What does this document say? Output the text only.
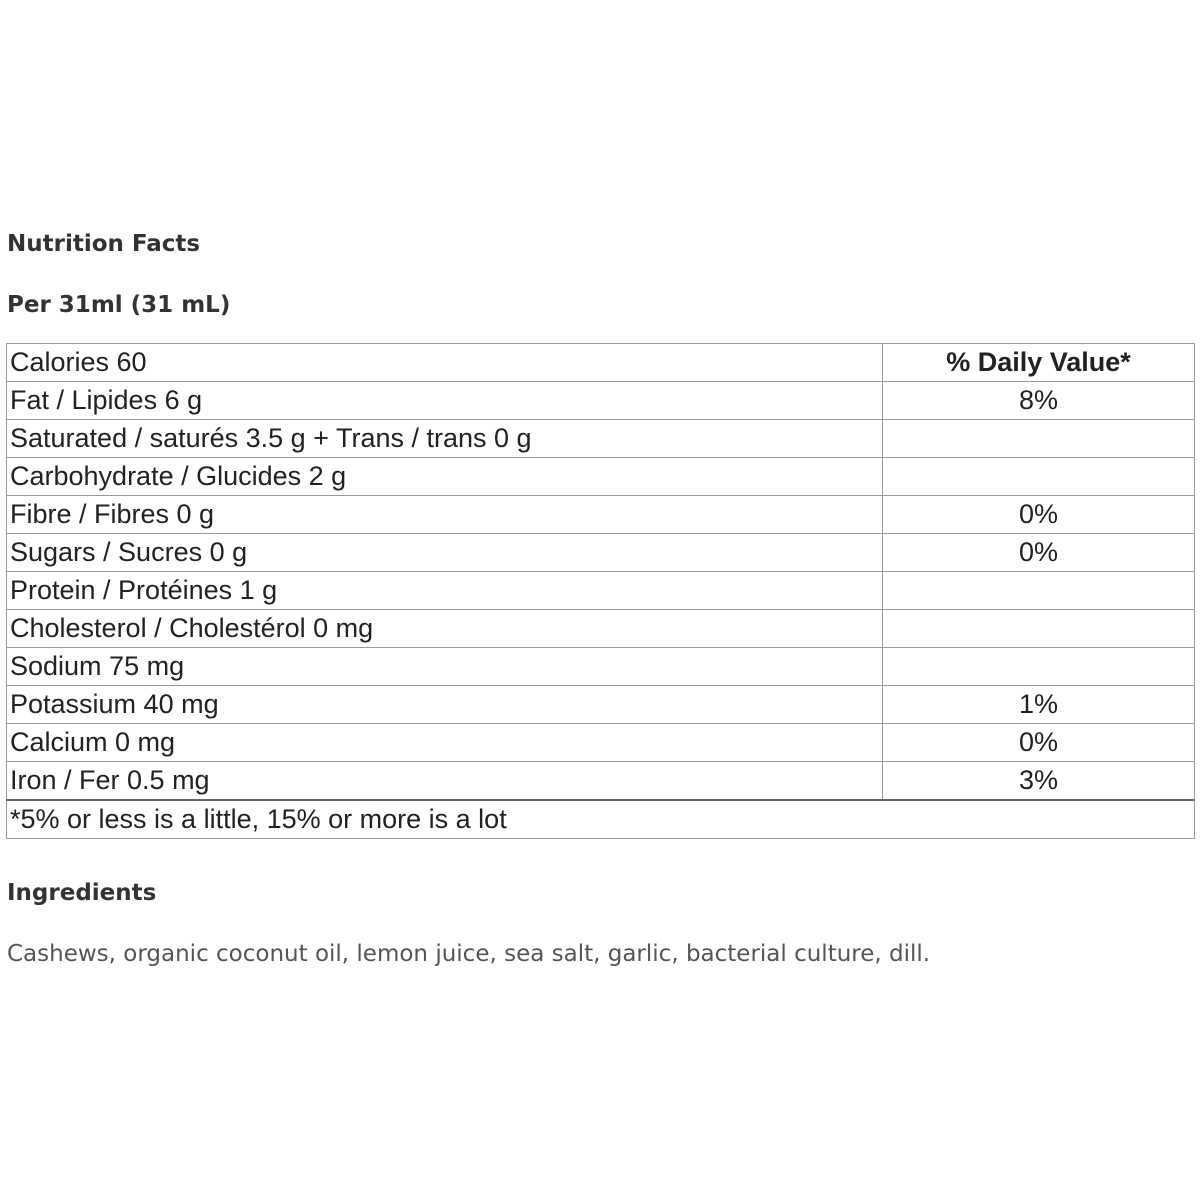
Nutrition Facts
Per 31ml (31 mL)
Calories 60	% Daily Value*
Fat / Lipides 6 g	8%
Saturated / saturés 3.5 g + Trans / trans 0 g	
Carbohydrate / Glucides 2 g	
Fibre / Fibres 0 g	0%
Sugars / Sucres 0 g	0%
Protein / Protéines 1 g	
Cholesterol / Cholestérol 0 mg	
Sodium 75 mg	
Potassium 40 mg	1%
Calcium 0 mg	0%
Iron / Fer 0.5 mg	3%
*5% or less is a little, 15% or more is a lot	
Ingredients

Cashews, organic coconut oil, lemon juice, sea salt, garlic, bacterial culture, dill.
